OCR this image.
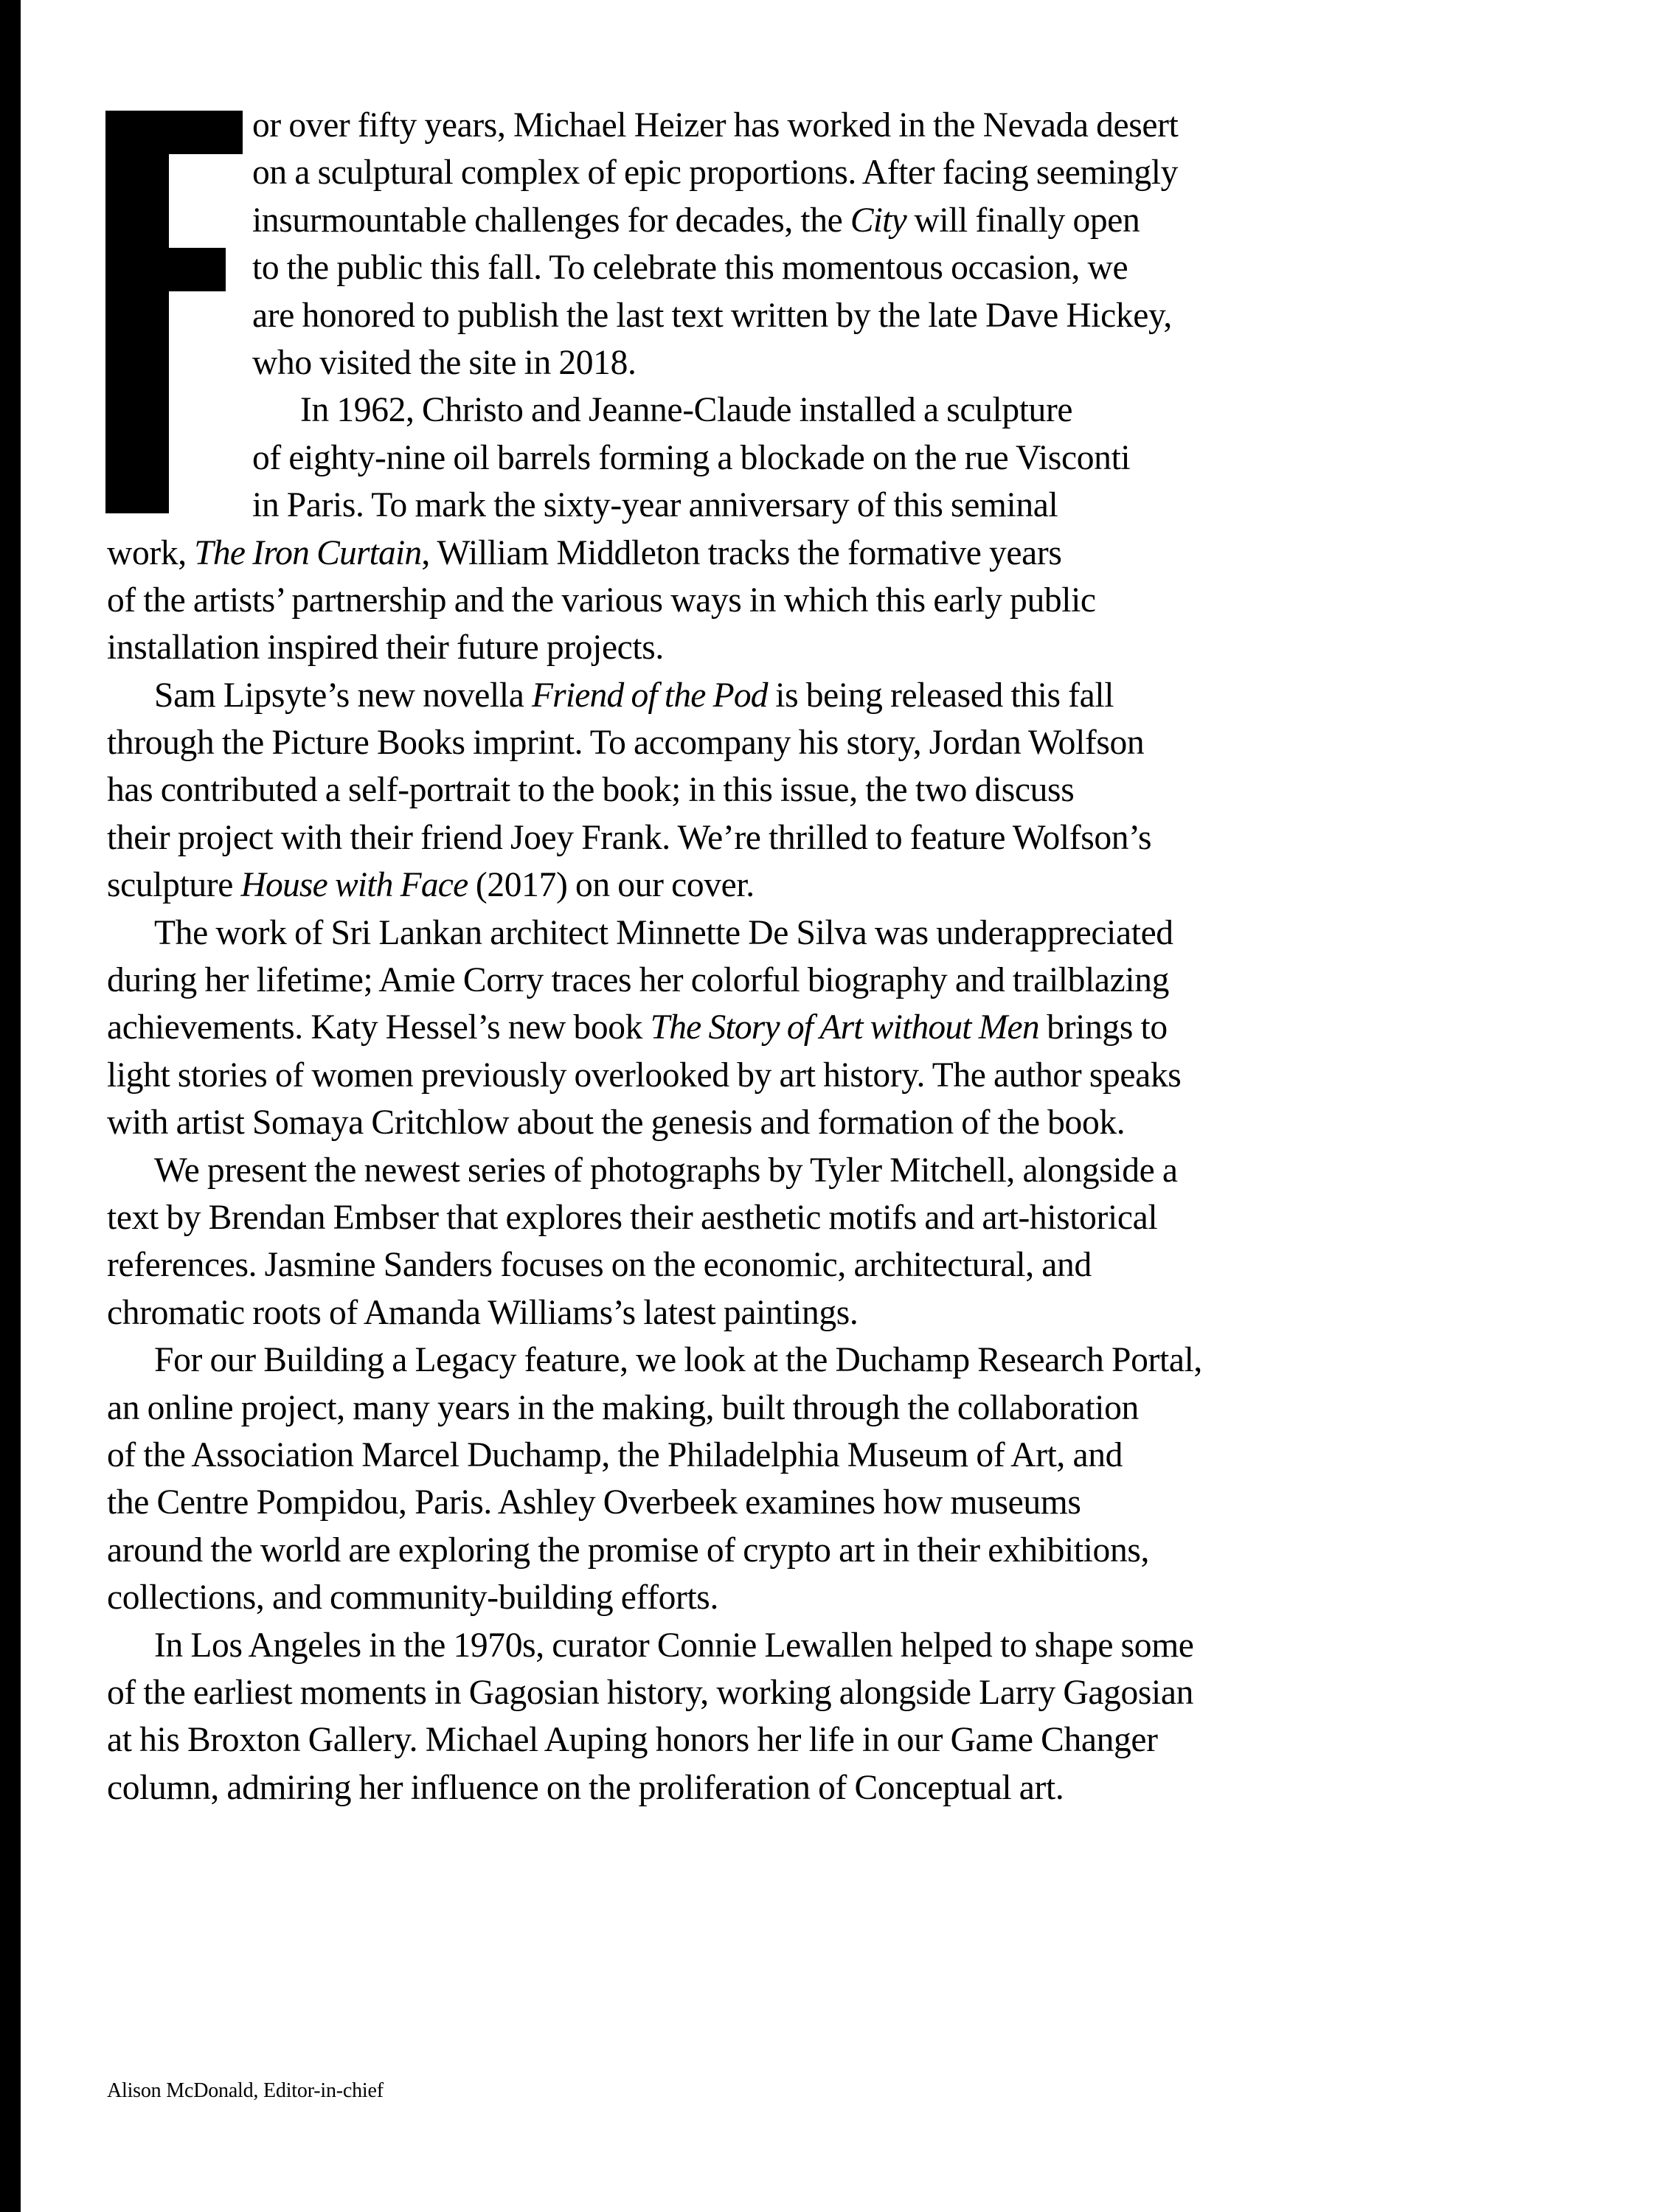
or over fifty years, Michael Heizer has worked in the Nevada desert
on a sculptural complex of epic proportions. After facing seemingly
insurmountable challenges for decades, the City will finally open
to the public this fall. To celebrate this momentous occasion, we
are honored to publish the last text written by the late Dave Hickey,
who visited the site in 2018.
In 1962, Christo and Jeanne-Claude installed a sculpture
of eighty-nine oil barrels forming a blockade on the rue Visconti
in Paris. To mark the sixty-year anniversary of this seminal
work, The Iron Curtain, William Middleton tracks the formative years
of the artists’ partnership and the various ways in which this early public
installation inspired their future projects.
Sam Lipsyte’s new novella Friend of the Pod is being released this fall
through the Picture Books imprint. To accompany his story, Jordan Wolfson
has contributed a self-portrait to the book; in this issue, the two discuss
their project with their friend Joey Frank. We’re thrilled to feature Wolfson’s
sculpture House with Face (2017) on our cover.
The work of Sri Lankan architect Minnette De Silva was underappreciated
during her lifetime; Amie Corry traces her colorful biography and trailblazing
achievements. Katy Hessel’s new book The Story of Art without Men brings to
light stories of women previously overlooked by art history. The author speaks
with artist Somaya Critchlow about the genesis and formation of the book.
We present the newest series of photographs by Tyler Mitchell, alongside a
text by Brendan Embser that explores their aesthetic motifs and art-historical
references. Jasmine Sanders focuses on the economic, architectural, and
chromatic roots of Amanda Williams’s latest paintings.
For our Building a Legacy feature, we look at the Duchamp Research Portal,
an online project, many years in the making, built through the collaboration
of the Association Marcel Duchamp, the Philadelphia Museum of Art, and
the Centre Pompidou, Paris. Ashley Overbeek examines how museums
around the world are exploring the promise of crypto art in their exhibitions,
collections, and community-building efforts.
In Los Angeles in the 1970s, curator Connie Lewallen helped to shape some
of the earliest moments in Gagosian history, working alongside Larry Gagosian
at his Broxton Gallery. Michael Auping honors her life in our Game Changer
column, admiring her influence on the proliferation of Conceptual art.
Alison McDonald, Editor-in-chief
